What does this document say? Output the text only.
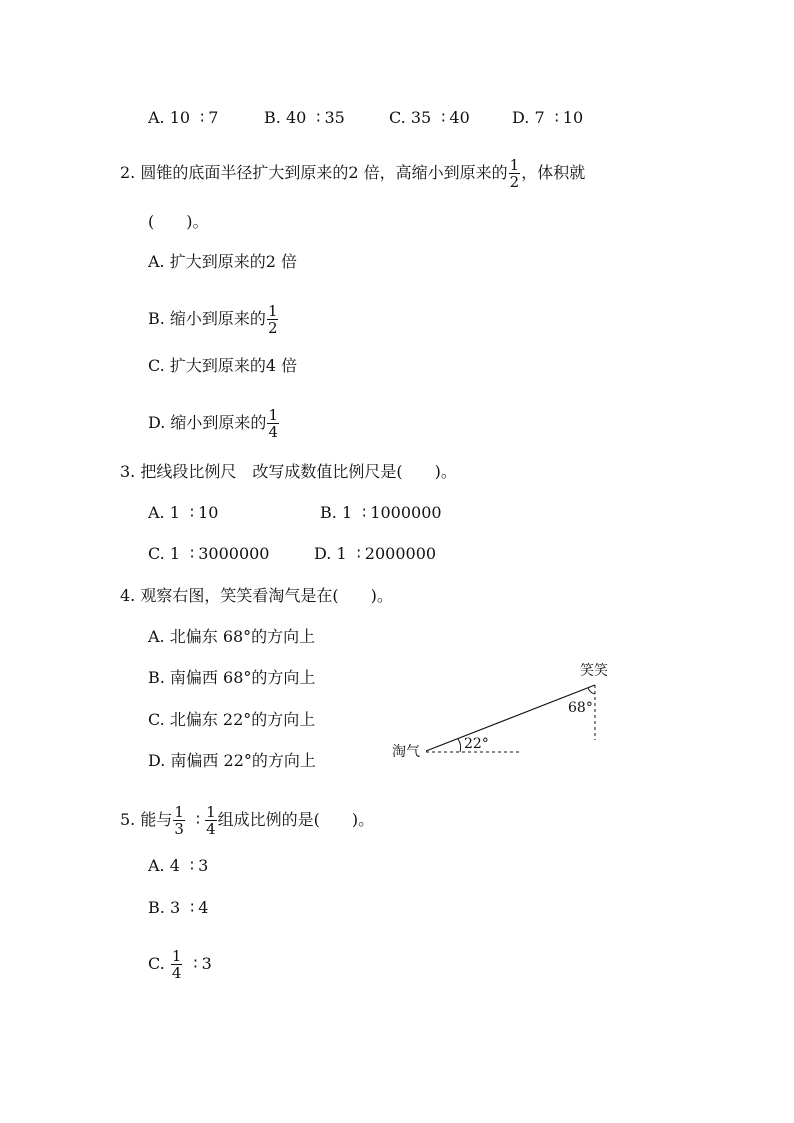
A. 10 ∶ 7	B. 40 ∶ 35	C. 35 ∶ 40	D. 7 ∶ 10
2. 圆锥的底面半径扩大到原来的2 倍，高缩小到原来的 $\frac{1}{2}$ ，体积就
(　　)。
A. 扩大到原来的2 倍
B. 缩小到原来的 $\frac{1}{2}$
C. 扩大到原来的4 倍
D. 缩小到原来的 $\frac{1}{4}$
3. 把线段比例尺　改写成数值比例尺是(　　)。
A. 1 ∶ 10	B. 1 ∶ 1000000
C. 1 ∶ 3000000	D. 1 ∶ 2000000
4. 观察右图，笑笑看淘气是在(　　)。
A. 北偏东 68°的方向上
B. 南偏西 68°的方向上
C. 北偏东 22°的方向上
D. 南偏西 22°的方向上
笑笑
淘气
68°
22°
5. 能与 $\frac{1}{3}$ ∶ $\frac{1}{4}$ 组成比例的是(　　)。
A. 4 ∶ 3
B. 3 ∶ 4
C. $\frac{1}{4}$ ∶ 3
